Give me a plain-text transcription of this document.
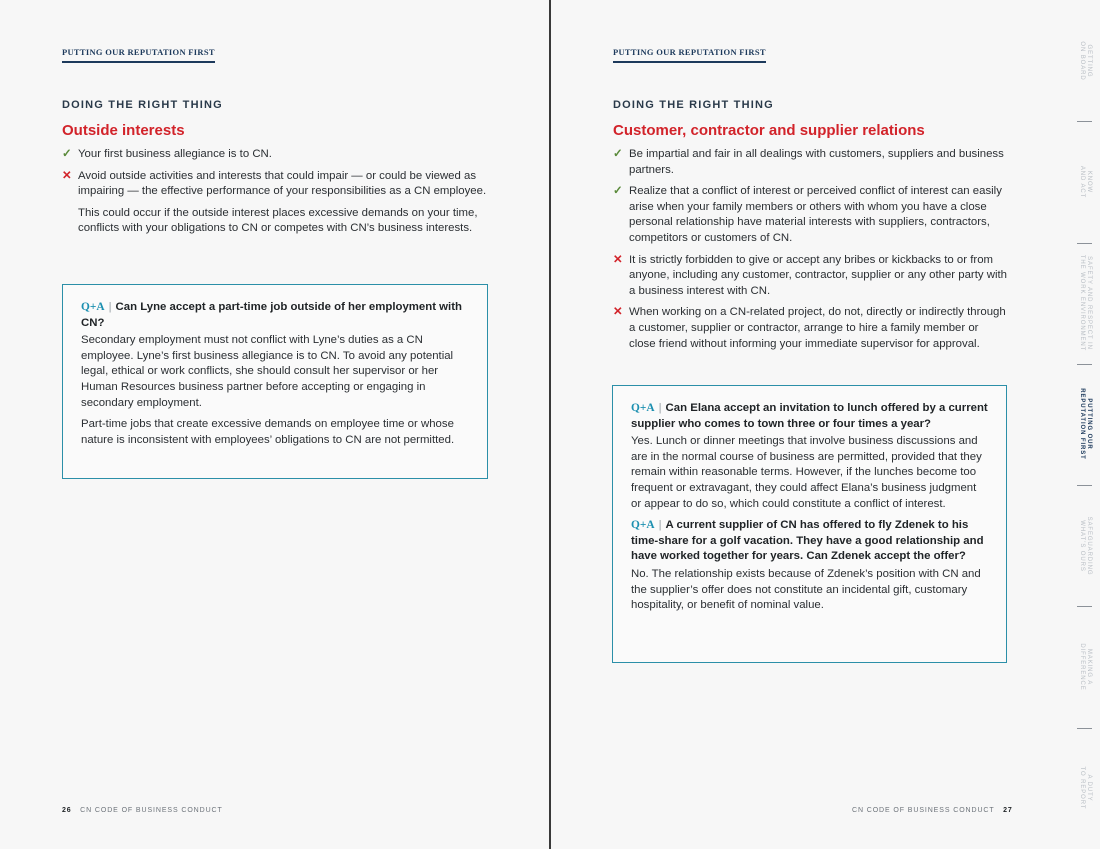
PUTTING OUR REPUTATION FIRST
DOING THE RIGHT THING
Outside interests
✓ Your first business allegiance is to CN.
✕ Avoid outside activities and interests that could impair — or could be viewed as impairing — the effective performance of your responsibilities as a CN employee.
This could occur if the outside interest places excessive demands on your time, conflicts with your obligations to CN or competes with CN’s business interests.
Q+A | Can Lyne accept a part-time job outside of her employment with CN?
Secondary employment must not conflict with Lyne’s duties as a CN employee. Lyne’s first business allegiance is to CN. To avoid any potential legal, ethical or work conflicts, she should consult her supervisor or her Human Resources business partner before accepting or engaging in secondary employment.
Part-time jobs that create excessive demands on employee time or whose nature is inconsistent with employees’ obligations to CN are not permitted.
26 CN CODE OF BUSINESS CONDUCT
PUTTING OUR REPUTATION FIRST
DOING THE RIGHT THING
Customer, contractor and supplier relations
✓ Be impartial and fair in all dealings with customers, suppliers and business partners.
✓ Realize that a conflict of interest or perceived conflict of interest can easily arise when your family members or others with whom you have a close personal relationship have material interests with suppliers, contractors, competitors or customers of CN.
✕ It is strictly forbidden to give or accept any bribes or kickbacks to or from anyone, including any customer, contractor, supplier or any other party with a business interest with CN.
✕ When working on a CN-related project, do not, directly or indirectly through a customer, supplier or contractor, arrange to hire a family member or close friend without informing your immediate supervisor for approval.
Q+A | Can Elana accept an invitation to lunch offered by a current supplier who comes to town three or four times a year?
Yes. Lunch or dinner meetings that involve business discussions and are in the normal course of business are permitted, provided that they remain within reasonable terms. However, if the lunches become too frequent or extravagant, they could affect Elana’s business judgment or appear to do so, which could constitute a conflict of interest.
Q+A | A current supplier of CN has offered to fly Zdenek to his time-share for a golf vacation. They have a good relationship and have worked together for years. Can Zdenek accept the offer?
No. The relationship exists because of Zdenek’s position with CN and the supplier’s offer does not constitute an incidental gift, customary hospitality, or benefit of nominal value.
CN CODE OF BUSINESS CONDUCT 27
GETTING
ON BOARD
KNOW
AND ACT
SAFETY AND RESPECT IN
THE WORK ENVIRONMENT
PUTTING OUR
REPUTATION FIRST
SAFEGUARDING
WHAT’S OURS
MAKING A
DIFFERENCE
A DUTY
TO REPORT
